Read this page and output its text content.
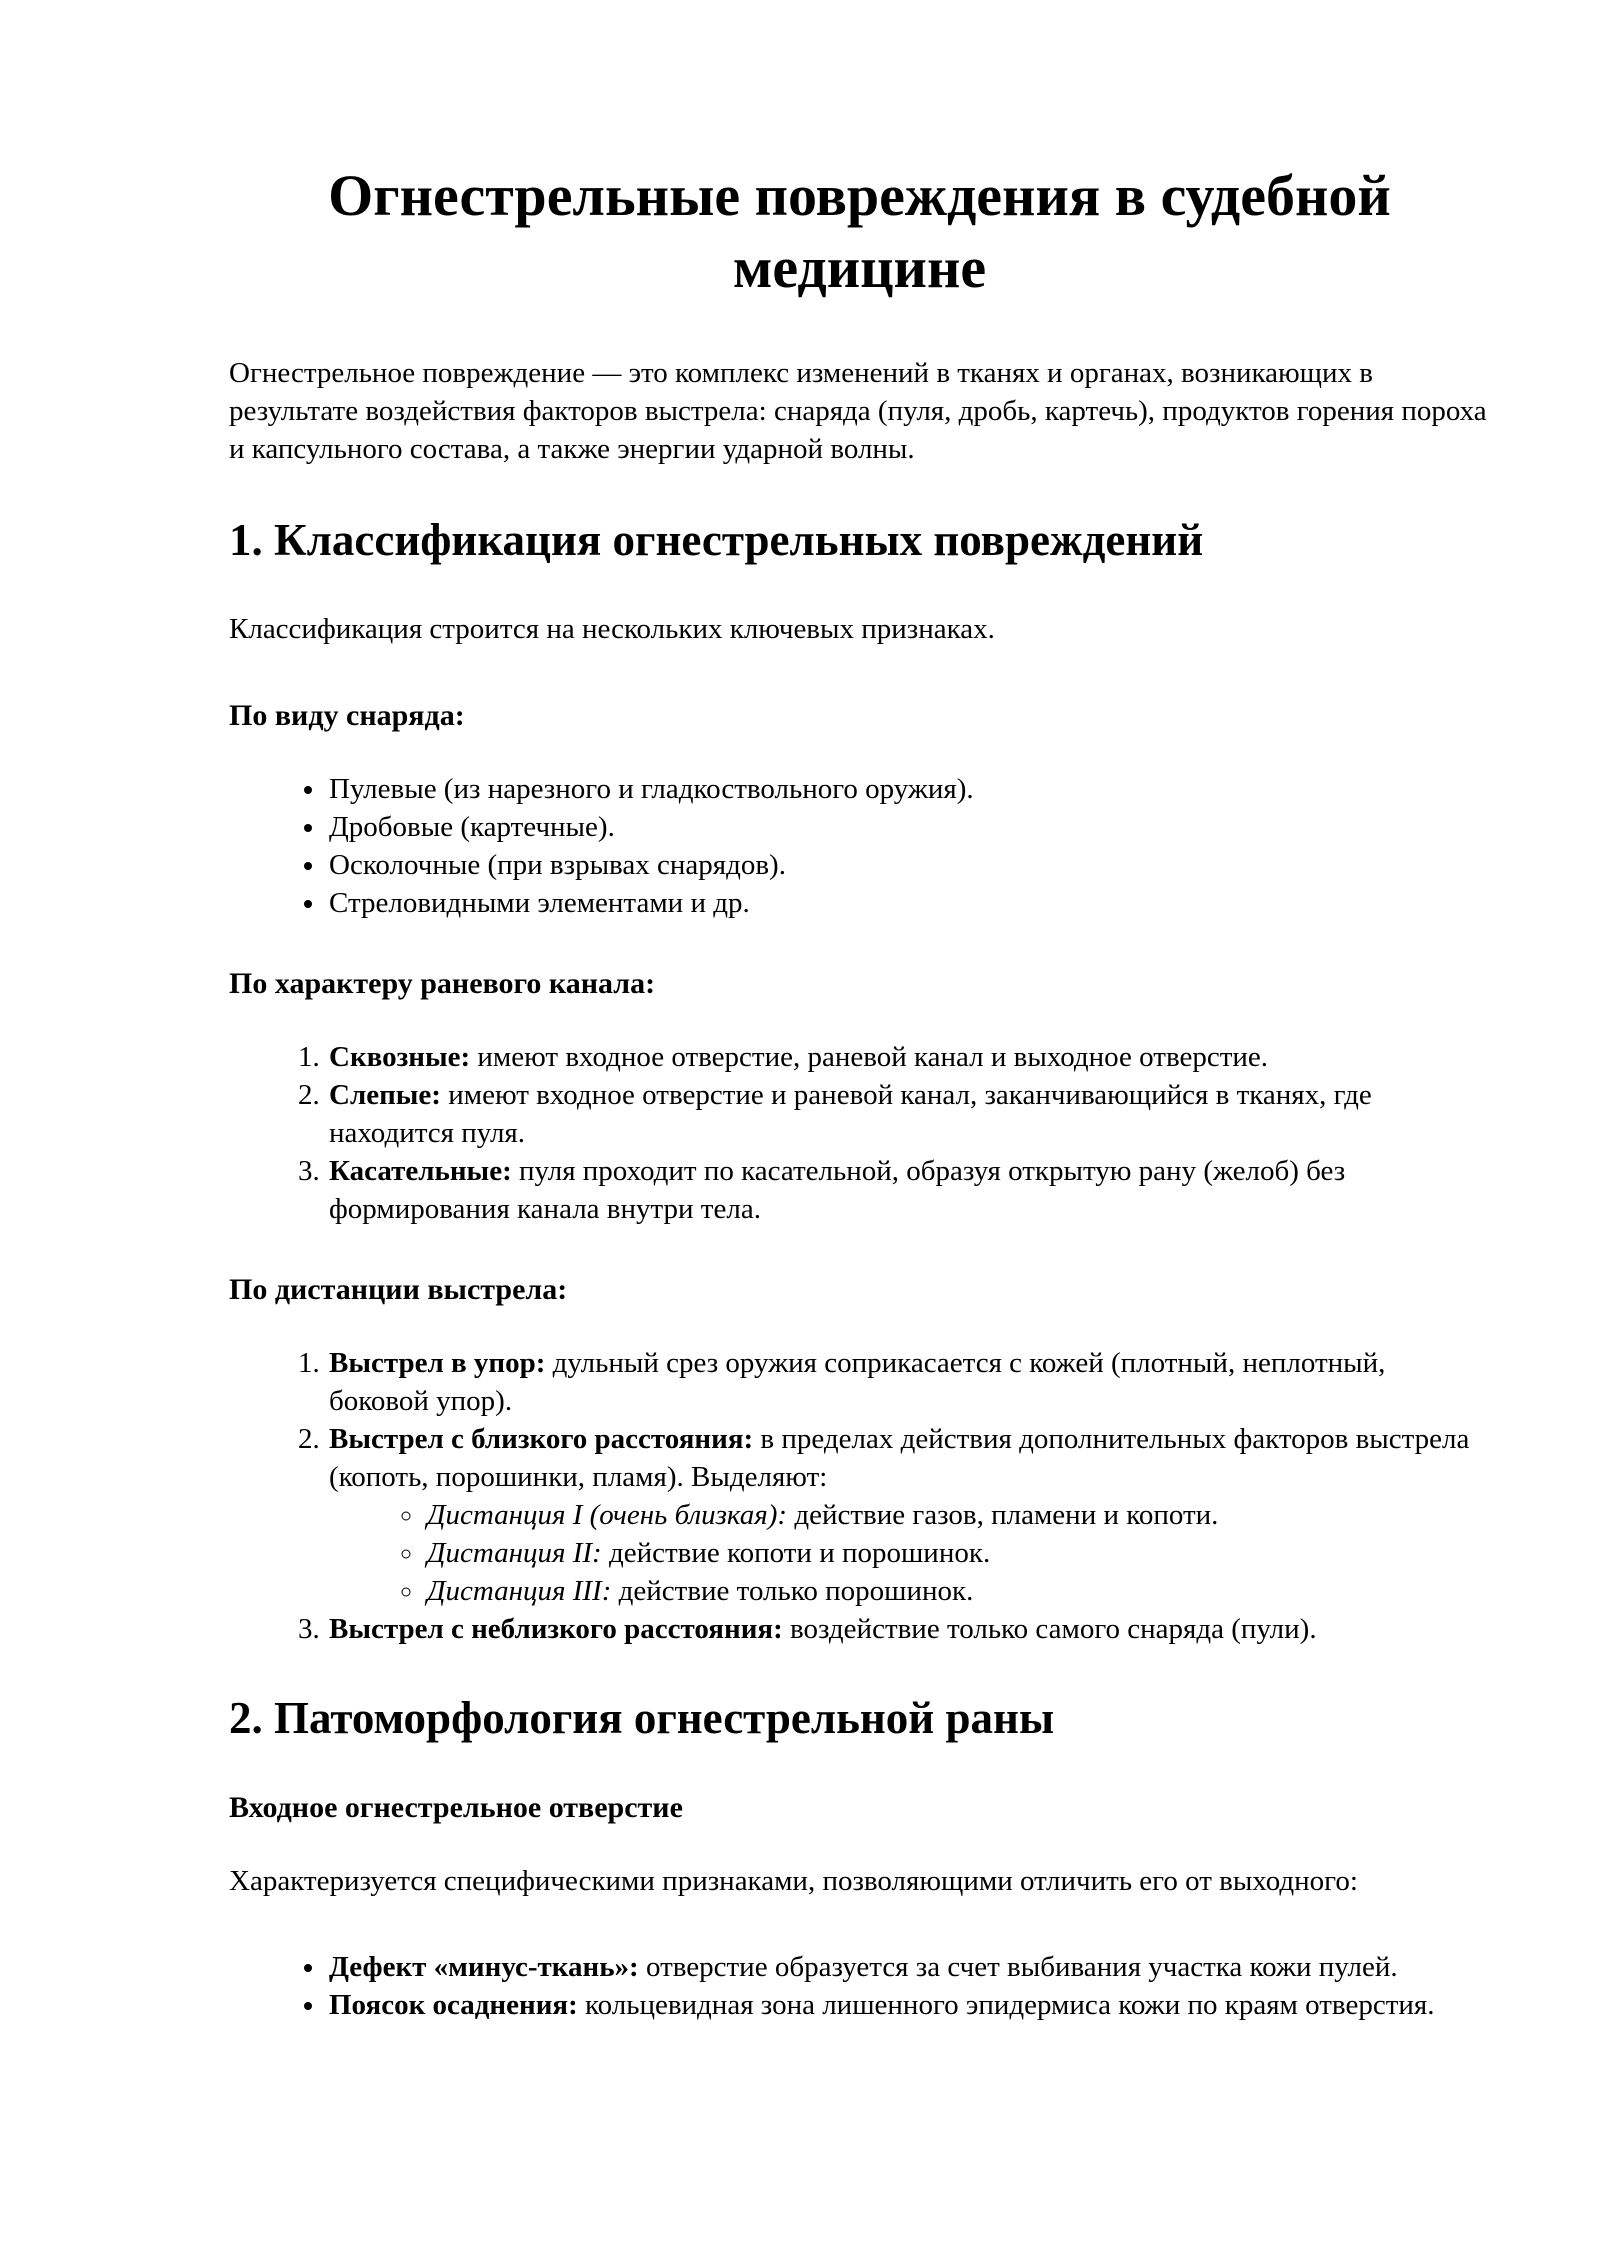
Огнестрельные повреждения в судебной медицине

Огнестрельное повреждение — это комплекс изменений в тканях и органах, возникающих в результате воздействия факторов выстрела: снаряда (пуля, дробь, картечь), продуктов горения пороха и капсульного состава, а также энергии ударной волны.

1. Классификация огнестрельных повреждений

Классификация строится на нескольких ключевых признаках.

По виду снаряда:
• Пулевые (из нарезного и гладкоствольного оружия).
• Дробовые (картечные).
• Осколочные (при взрывах снарядов).
• Стреловидными элементами и др.
По характеру раневого канала:
1. Сквозные: имеют входное отверстие, раневой канал и выходное отверстие.
2. Слепые: имеют входное отверстие и раневой канал, заканчивающийся в тканях, где находится пуля.
3. Касательные: пуля проходит по касательной, образуя открытую рану (желоб) без формирования канала внутри тела.
По дистанции выстрела:
1. Выстрел в упор: дульный срез оружия соприкасается с кожей (плотный, неплотный, боковой упор).
2. Выстрел с близкого расстояния: в пределах действия дополнительных факторов выстрела (копоть, порошинки, пламя). Выделяют:
◦ Дистанция I (очень близкая): действие газов, пламени и копоти.
◦ Дистанция II: действие копоти и порошинок.
◦ Дистанция III: действие только порошинок.
3. Выстрел с неблизкого расстояния: воздействие только самого снаряда (пули).
2. Патоморфология огнестрельной раны
Входное огнестрельное отверстие

Характеризуется специфическими признаками, позволяющими отличить его от выходного:

• Дефект «минус-ткань»: отверстие образуется за счет выбивания участка кожи пулей.
• Поясок осаднения: кольцевидная зона лишенного эпидермиса кожи по краям отверстия.
